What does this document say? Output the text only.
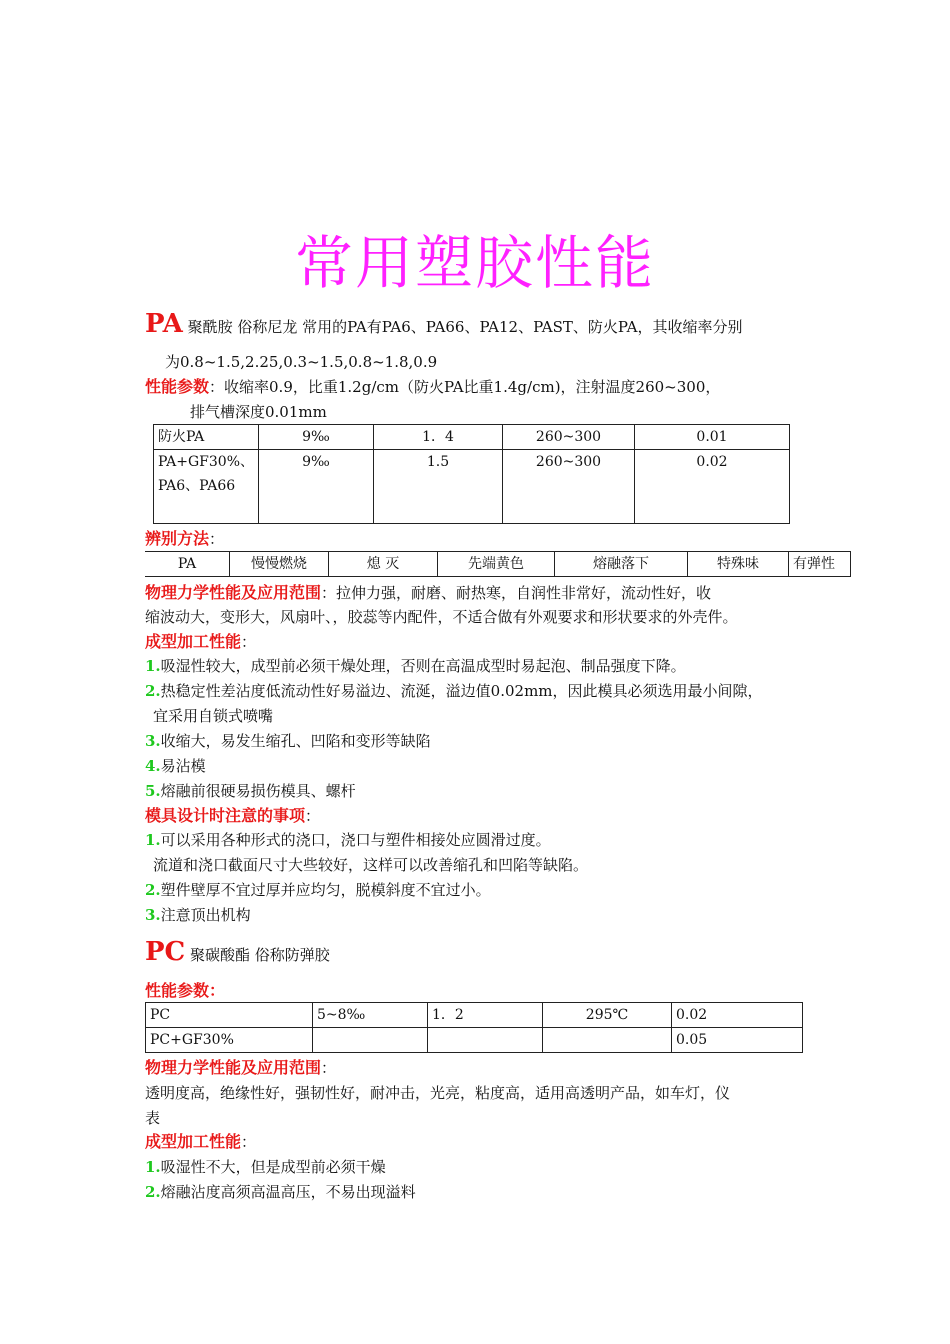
常用塑胶性能
PA 聚酰胺 俗称尼龙 常用的PA有PA6、PA66、PA12、PAST、防火PA，其收缩率分别
为0.8~1.5,2.25,0.3~1.5,0.8~1.8,0.9
性能参数：收缩率0.9，比重1.2g/cm（防火PA比重1.4g/cm)，注射温度260~300，
排气槽深度0.01mm
防火PA	9‰	1．4	260~300	0.01
PA+GF30%、PA6、PA66	9‰	1.5	260~300	0.02
辨别方法：
PA	慢慢燃烧	熄 灭	先端黄色	熔融落下	特殊味	有弹性
物理力学性能及应用范围：拉伸力强，耐磨、耐热寒，自润性非常好，流动性好，收
缩波动大，变形大，风扇叶、，胶蕊等内配件，不适合做有外观要求和形状要求的外壳件。
成型加工性能：
1.吸湿性较大，成型前必须干燥处理，否则在高温成型时易起泡、制品强度下降。
2.热稳定性差沾度低流动性好易溢边、流涎，溢边值0.02mm，因此模具必须选用最小间隙，
宜采用自锁式喷嘴
3.收缩大，易发生缩孔、凹陷和变形等缺陷
4.易沾模
5.熔融前很硬易损伤模具、螺杆
模具设计时注意的事项：
1.可以采用各种形式的浇口，浇口与塑件相接处应圆滑过度。
流道和浇口截面尺寸大些较好，这样可以改善缩孔和凹陷等缺陷。
2.塑件壁厚不宜过厚并应均匀，脱模斜度不宜过小。
3.注意顶出机构
PC 聚碳酸酯 俗称防弹胶
性能参数：
PC	5~8‰	1．2	295℃	0.02
PC+GF30%				0.05
物理力学性能及应用范围：
透明度高，绝缘性好，强韧性好，耐冲击，光亮，粘度高，适用高透明产品，如车灯，仪
表
成型加工性能：
1.吸湿性不大，但是成型前必须干燥
2.熔融沾度高须高温高压，不易出现溢料
